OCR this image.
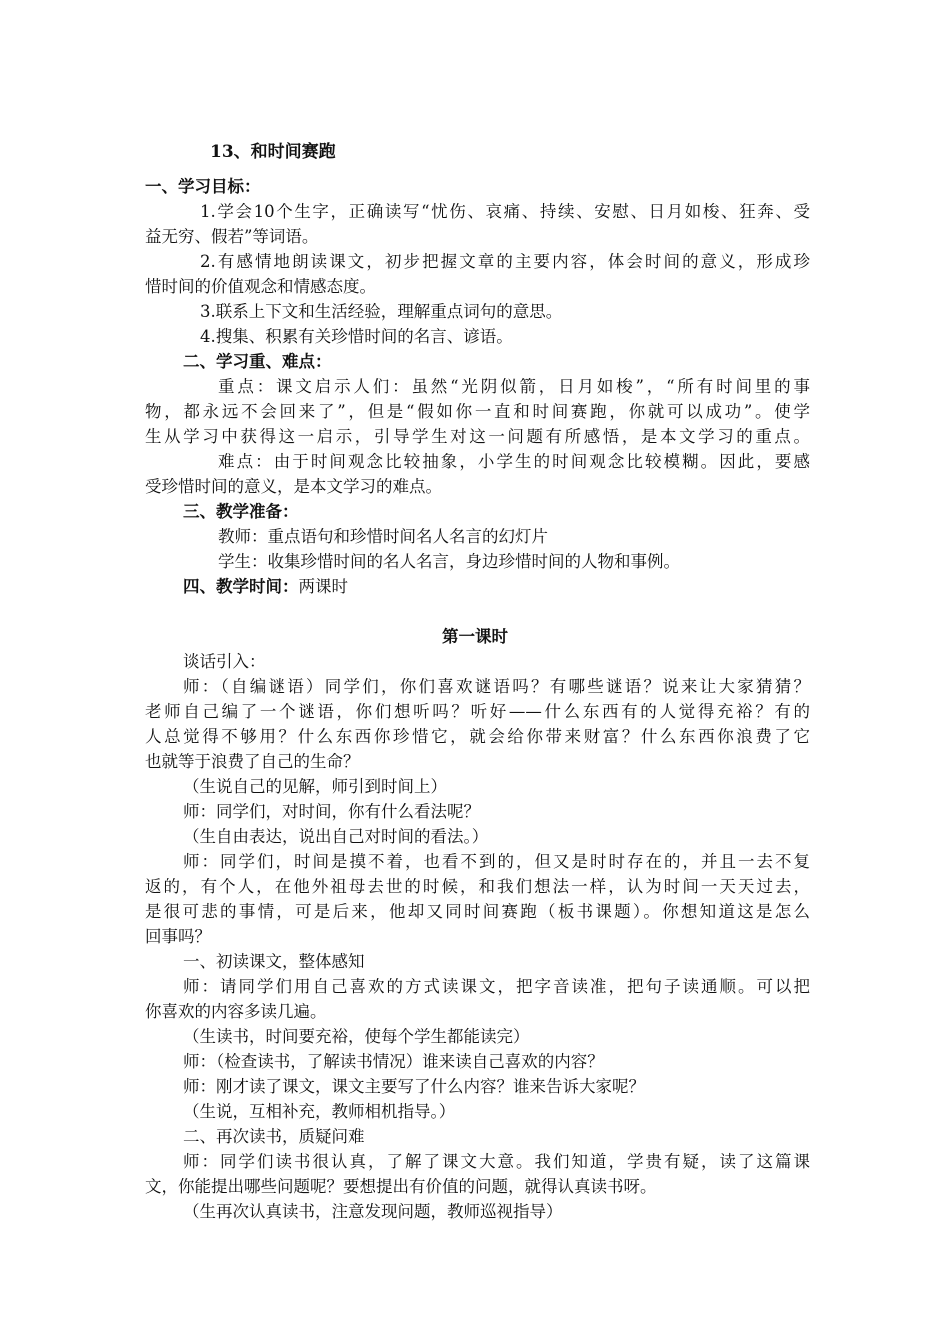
13、和时间赛跑
一、学习目标：
1.学会10个生字，正确读写“忧伤、哀痛、持续、安慰、日月如梭、狂奔、受
益无穷、假若”等词语。
2.有感情地朗读课文，初步把握文章的主要内容，体会时间的意义，形成珍
惜时间的价值观念和情感态度。
3.联系上下文和生活经验，理解重点词句的意思。
4.搜集、积累有关珍惜时间的名言、谚语。
二、学习重、难点：
重点：课文启示人们：虽然“光阴似箭，日月如梭”，“所有时间里的事
物，都永远不会回来了”，但是“假如你一直和时间赛跑，你就可以成功”。使学
生从学习中获得这一启示，引导学生对这一问题有所感悟，是本文学习的重点。
难点：由于时间观念比较抽象，小学生的时间观念比较模糊。因此，要感
受珍惜时间的意义，是本文学习的难点。
三、教学准备：
教师：重点语句和珍惜时间名人名言的幻灯片
学生：收集珍惜时间的名人名言，身边珍惜时间的人物和事例。
四、教学时间：两课时
第一课时
谈话引入：
师：（自编谜语）同学们，你们喜欢谜语吗？有哪些谜语？说来让大家猜猜？
老师自己编了一个谜语，你们想听吗？听好——什么东西有的人觉得充裕？有的
人总觉得不够用？什么东西你珍惜它，就会给你带来财富？什么东西你浪费了它
也就等于浪费了自己的生命？
（生说自己的见解，师引到时间上）
师：同学们，对时间，你有什么看法呢？
（生自由表达，说出自己对时间的看法。）
师：同学们，时间是摸不着，也看不到的，但又是时时存在的，并且一去不复
返的，有个人，在他外祖母去世的时候，和我们想法一样，认为时间一天天过去，
是很可悲的事情，可是后来，他却又同时间赛跑（板书课题）。你想知道这是怎么
回事吗？
一、初读课文，整体感知
师：请同学们用自己喜欢的方式读课文，把字音读准，把句子读通顺。可以把
你喜欢的内容多读几遍。
（生读书，时间要充裕，使每个学生都能读完）
师：（检查读书，了解读书情况）谁来读自己喜欢的内容？
师：刚才读了课文，课文主要写了什么内容？谁来告诉大家呢？
（生说，互相补充，教师相机指导。）
二、再次读书，质疑问难
师：同学们读书很认真，了解了课文大意。我们知道，学贵有疑，读了这篇课
文，你能提出哪些问题呢？要想提出有价值的问题，就得认真读书呀。
（生再次认真读书，注意发现问题，教师巡视指导）
